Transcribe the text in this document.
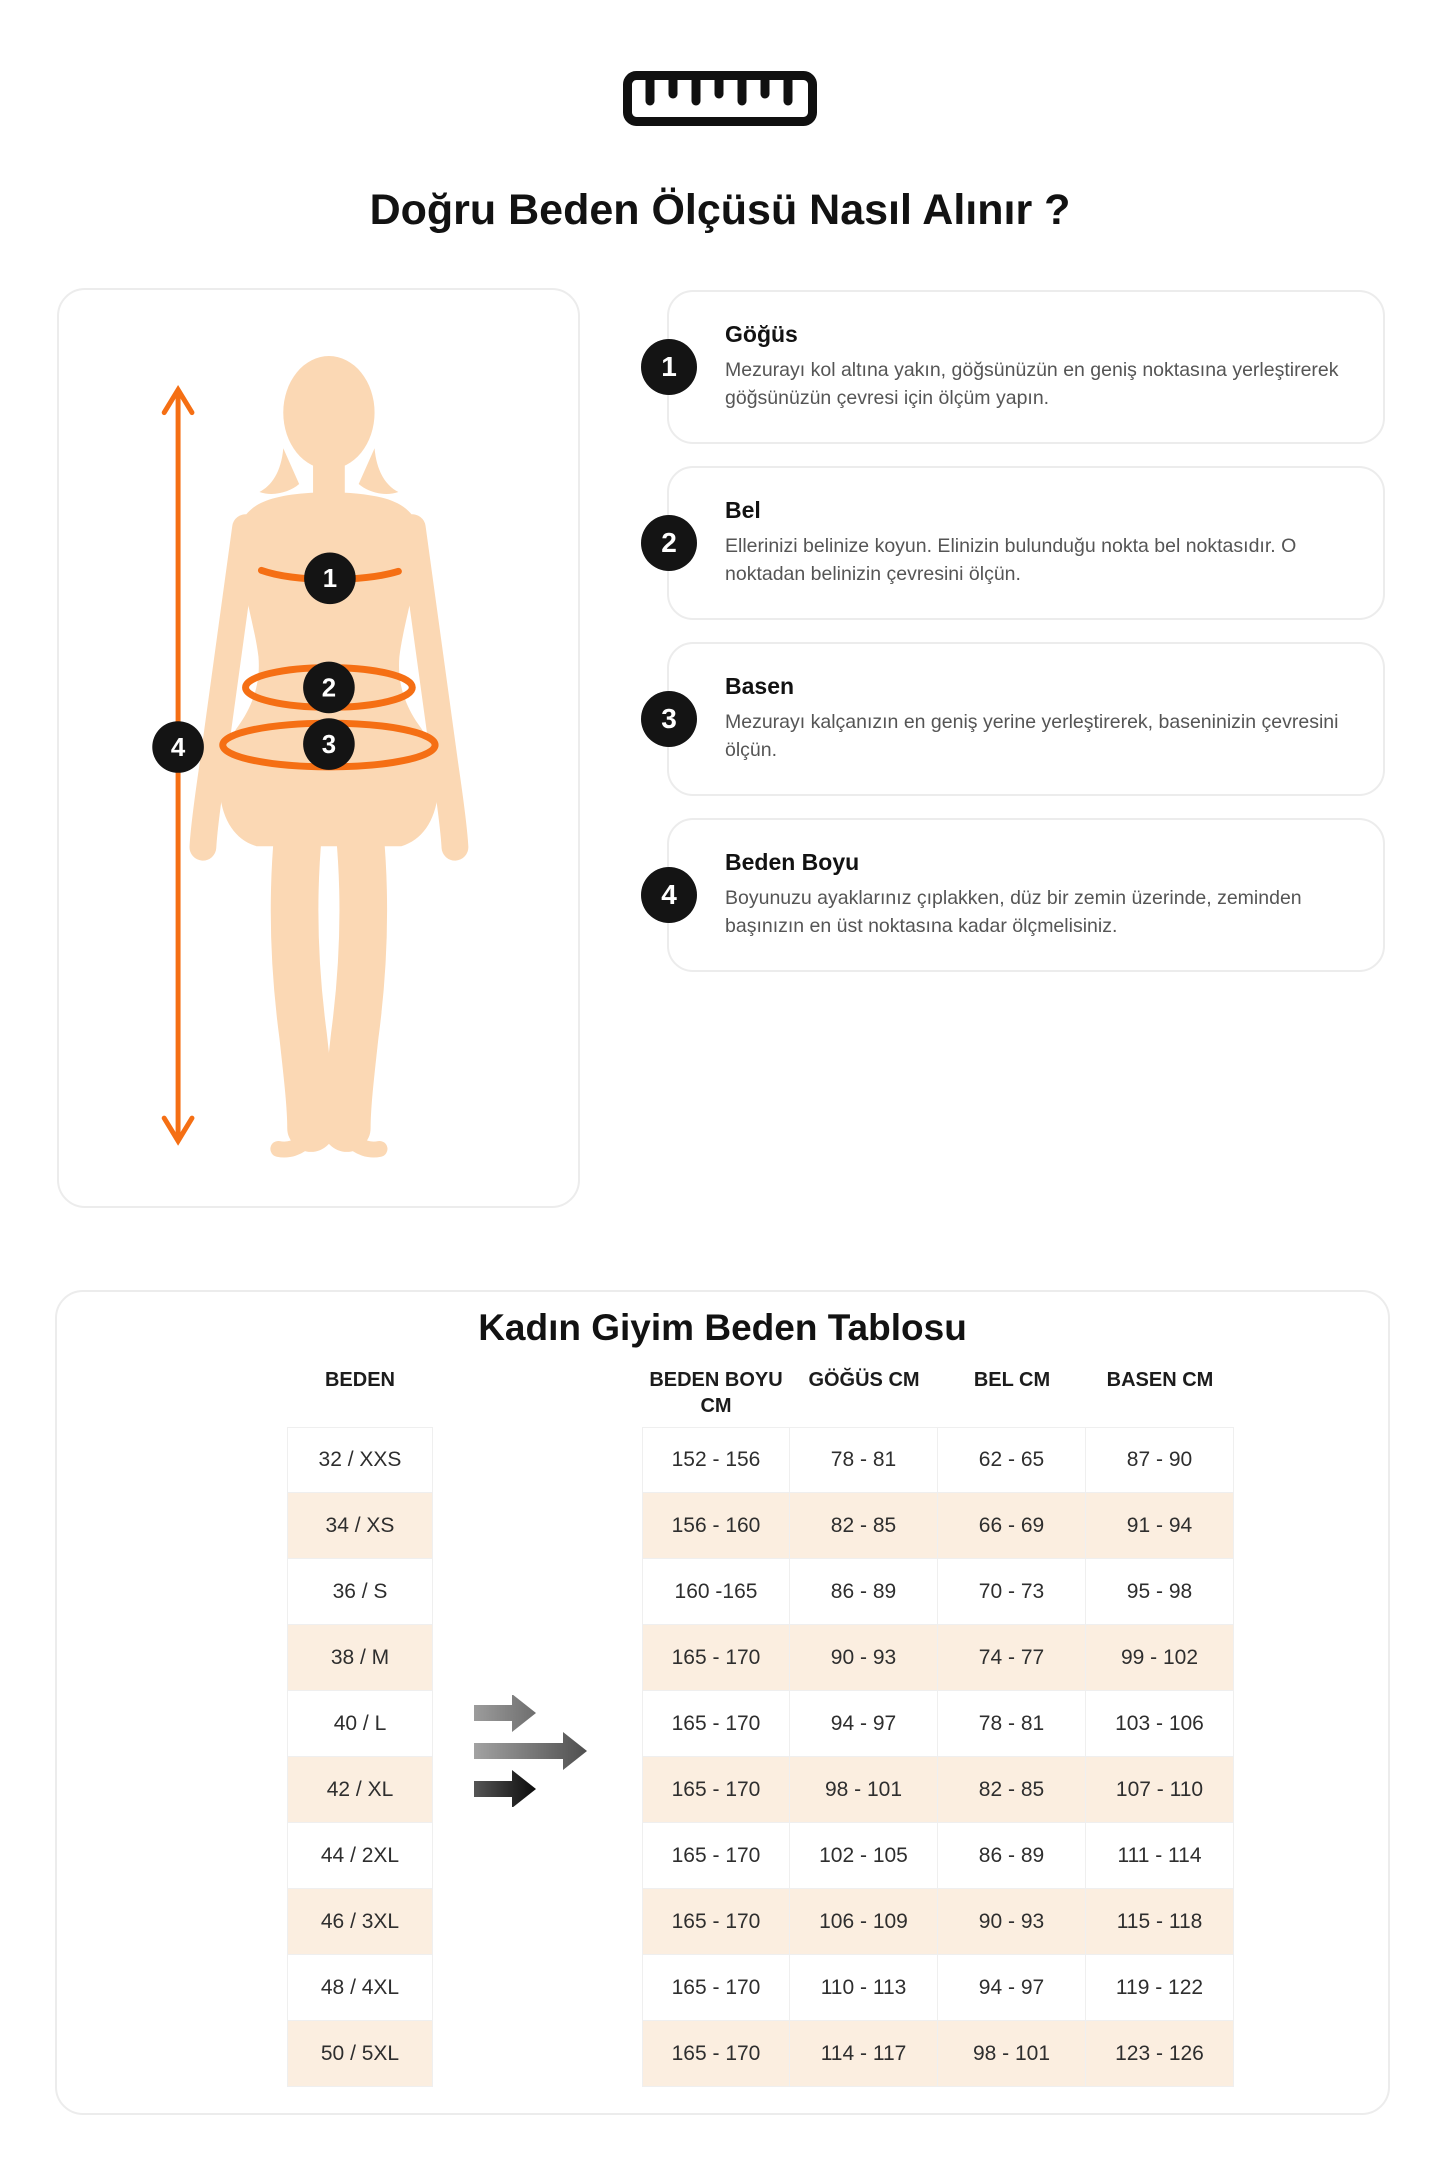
Doğru Beden Ölçüsü Nasıl Alınır ?
1
2
3
4
1
Göğüs

Mezurayı kol altına yakın, göğsünüzün en geniş noktasına yerleştirerek göğsünüzün çevresi için ölçüm yapın.

2
Bel

Ellerinizi belinize koyun. Elinizin bulunduğu nokta bel noktasıdır. O noktadan belinizin çevresini ölçün.

3
Basen

Mezurayı kalçanızın en geniş yerine yerleştirerek, baseninizin çevresini ölçün.

4
Beden Boyu

Boyunuzu ayaklarınız çıplakken, düz bir zemin üzerinde, zeminden başınızın en üst noktasına kadar ölçmelisiniz.

Kadın Giyim Beden Tablosu
BEDEN	BEDEN BOYU CM
GÖĞÜS CM	BEL CM	BASEN CM
32 / XXS	152 - 156	78 - 81	62 - 65	87 - 90
34 / XS	156 - 160	82 - 85	66 - 69	91 - 94
36 / S	160 -165	86 - 89	70 - 73	95 - 98
38 / M	165 - 170	90 - 93	74 - 77	99 - 102
40 / L	165 - 170	94 - 97	78 - 81	103 - 106
42 / XL	165 - 170	98 - 101	82 - 85	107 - 110
44 / 2XL	165 - 170	102 - 105	86 - 89	111 - 114
46 / 3XL	165 - 170	106 - 109	90 - 93	115 - 118
48 / 4XL	165 - 170	110 - 113	94 - 97	119 - 122
50 / 5XL	165 - 170	114 - 117	98 - 101	123 - 126
